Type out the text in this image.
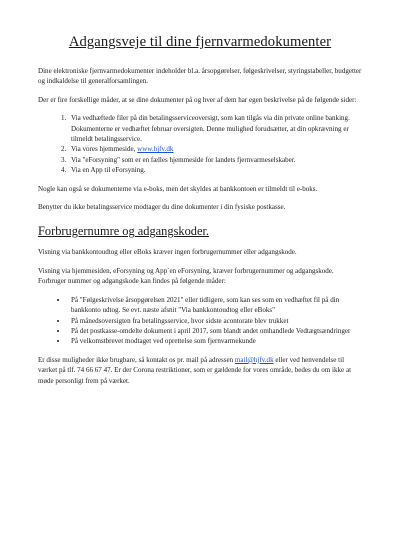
Adgangsveje til dine fjernvarmedokumenter

Dine elektroniske fjernvarmedokumenter indeholder bl.a. årsopgørelser, følgeskrivelser, styringstabeller, budgetter og indkaldelse til generalforsamlingen.

Der er fire forskellige måder, at se dine dokumenter på og hver af dem har egen beskrivelse på de følgende sider:

1. Via vedhæftede filer på din betalingsserviceoversigt, som kan tilgås via din private online banking. Dokumenterne er vedhæftet februar oversigten. Denne mulighed forudsætter, at din opkrævning er tilmeldt betalingsservice.
2. Via vores hjemmeside, www.hjfv.dk
3. Via "eForsyning" som er en fælles hjemmeside for landets fjernvarmeselskaber.
4. Via en App til eForsyning.

Nogle kan også se dokumenterne via e-boks, men det skyldes at bankkontoen er tilmeldt til e-boks.

Benytter du ikke betalingsservice modtager du dine dokumenter i din fysiske postkasse.

Forbrugernumre og adgangskoder.

Visning via bankkontoudtog eller eBoks kræver ingen forbrugernummer eller adgangskode.

Visning via hjemmesiden, eForsyning og App´en eForsyning, kræver forbrugernummer og adgangskode. Forbruger nummer og adgangskode kan findes på følgende måder:

• På "Følgeskrivelse årsopgørelsen 2021" eller tidligere, som kan ses som en vedhæftet fil på din bankkonto udtog. Se evt. næste afsnit "Via bankkontoudtog eller eBoks"
• På månedsoversigten fra betalingsservice, hvor sidste acontorate blev trukket
• På det postkasse-omdelte dokument i april 2017, som blandt andet omhandlede Vedtægtsændringer
• På velkomstbrevet modtaget ved oprettelse som fjernvarmekunde

Er disse muligheder ikke brugbare, så kontakt os pr. mail på adressen mail@hjfv.dk eller ved henvendelse til værket på tlf. 74 66 67 47. Er der Corona restriktioner, som er gældende for vores område, bedes du om ikke at møde personligt frem på værket.
